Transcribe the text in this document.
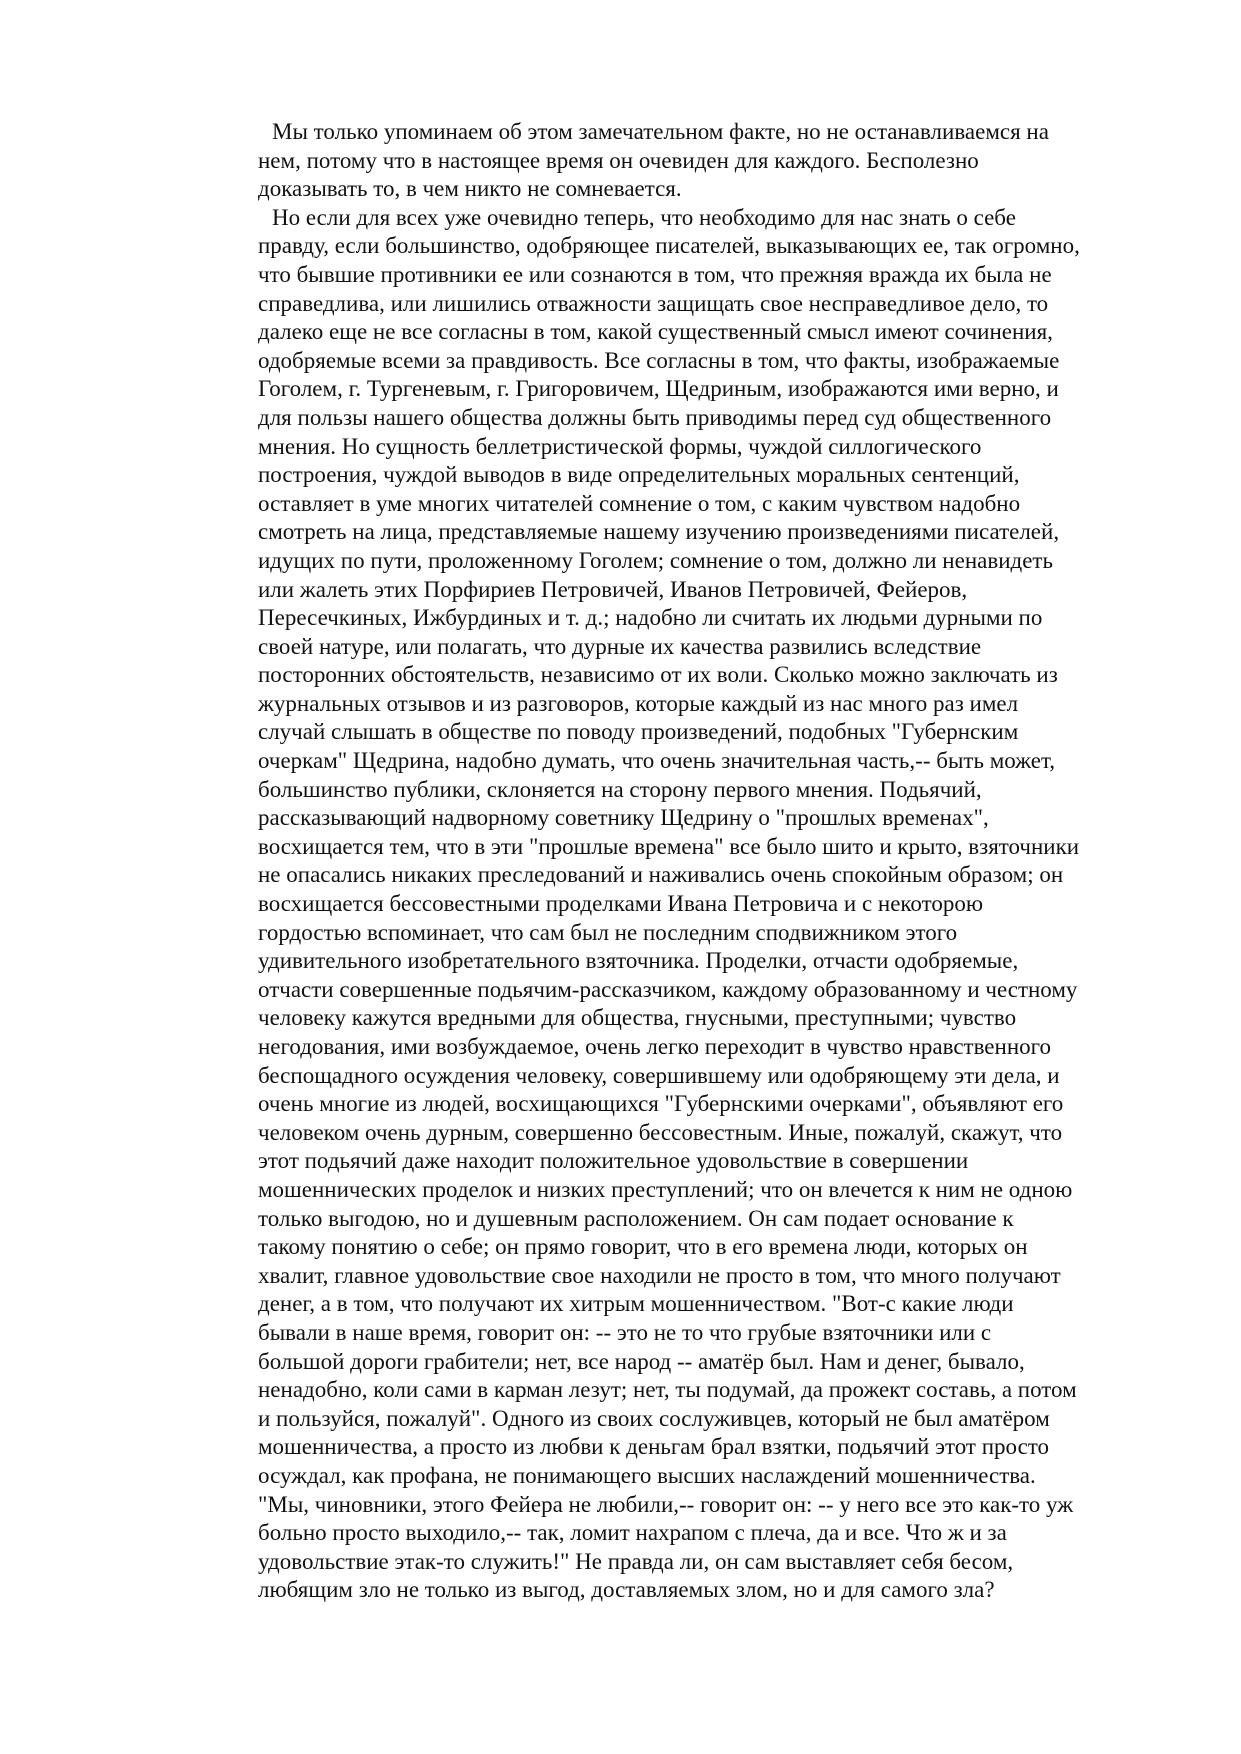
Мы только упоминаем об этом замечательном факте, но не останавливаемся на
нем, потому что в настоящее время он очевиден для каждого. Бесполезно
доказывать то, в чем никто не сомневается.

Но если для всех уже очевидно теперь, что необходимо для нас знать о себе
правду, если большинство, одобряющее писателей, выказывающих ее, так огромно,
что бывшие противники ее или сознаются в том, что прежняя вражда их была не
справедлива, или лишились отважности защищать свое несправедливое дело, то
далеко еще не все согласны в том, какой существенный смысл имеют сочинения,
одобряемые всеми за правдивость. Все согласны в том, что факты, изображаемые
Гоголем, г. Тургеневым, г. Григоровичем, Щедриным, изображаются ими верно, и
для пользы нашего общества должны быть приводимы перед суд общественного
мнения. Но сущность беллетристической формы, чуждой силлогического
построения, чуждой выводов в виде определительных моральных сентенций,
оставляет в уме многих читателей сомнение о том, с каким чувством надобно
смотреть на лица, представляемые нашему изучению произведениями писателей,
идущих по пути, проложенному Гоголем; сомнение о том, должно ли ненавидеть
или жалеть этих Порфириев Петровичей, Иванов Петровичей, Фейеров,
Пересечкиных, Ижбурдиных и т. д.; надобно ли считать их людьми дурными по
своей натуре, или полагать, что дурные их качества развились вследствие
посторонних обстоятельств, независимо от их воли. Сколько можно заключать из
журнальных отзывов и из разговоров, которые каждый из нас много раз имел
случай слышать в обществе по поводу произведений, подобных "Губернским
очеркам" Щедрина, надобно думать, что очень значительная часть,-- быть может,
большинство публики, склоняется на сторону первого мнения. Подьячий,
рассказывающий надворному советнику Щедрину о "прошлых временах",
восхищается тем, что в эти "прошлые времена" все было шито и крыто, взяточники
не опасались никаких преследований и наживались очень спокойным образом; он
восхищается бессовестными проделками Ивана Петровича и с некоторою
гордостью вспоминает, что сам был не последним сподвижником этого
удивительного изобретательного взяточника. Проделки, отчасти одобряемые,
отчасти совершенные подьячим-рассказчиком, каждому образованному и честному
человеку кажутся вредными для общества, гнусными, преступными; чувство
негодования, ими возбуждаемое, очень легко переходит в чувство нравственного
беспощадного осуждения человеку, совершившему или одобряющему эти дела, и
очень многие из людей, восхищающихся "Губернскими очерками", объявляют его
человеком очень дурным, совершенно бессовестным. Иные, пожалуй, скажут, что
этот подьячий даже находит положительное удовольствие в совершении
мошеннических проделок и низких преступлений; что он влечется к ним не одною
только выгодою, но и душевным расположением. Он сам подает основание к
такому понятию о себе; он прямо говорит, что в его времена люди, которых он
хвалит, главное удовольствие свое находили не просто в том, что много получают
денег, а в том, что получают их хитрым мошенничеством. "Вот-с какие люди
бывали в наше время, говорит он: -- это не то что грубые взяточники или с
большой дороги грабители; нет, все народ -- аматёр был. Нам и денег, бывало,
ненадобно, коли сами в карман лезут; нет, ты подумай, да прожект составь, а потом
и пользуйся, пожалуй". Одного из своих сослуживцев, который не был аматёром
мошенничества, а просто из любви к деньгам брал взятки, подьячий этот просто
осуждал, как профана, не понимающего высших наслаждений мошенничества.
"Мы, чиновники, этого Фейера не любили,-- говорит он: -- у него все это как-то уж
больно просто выходило,-- так, ломит нахрапом с плеча, да и все. Что ж и за
удовольствие этак-то служить!" Не правда ли, он сам выставляет себя бесом,
любящим зло не только из выгод, доставляемых злом, но и для самого зла?
